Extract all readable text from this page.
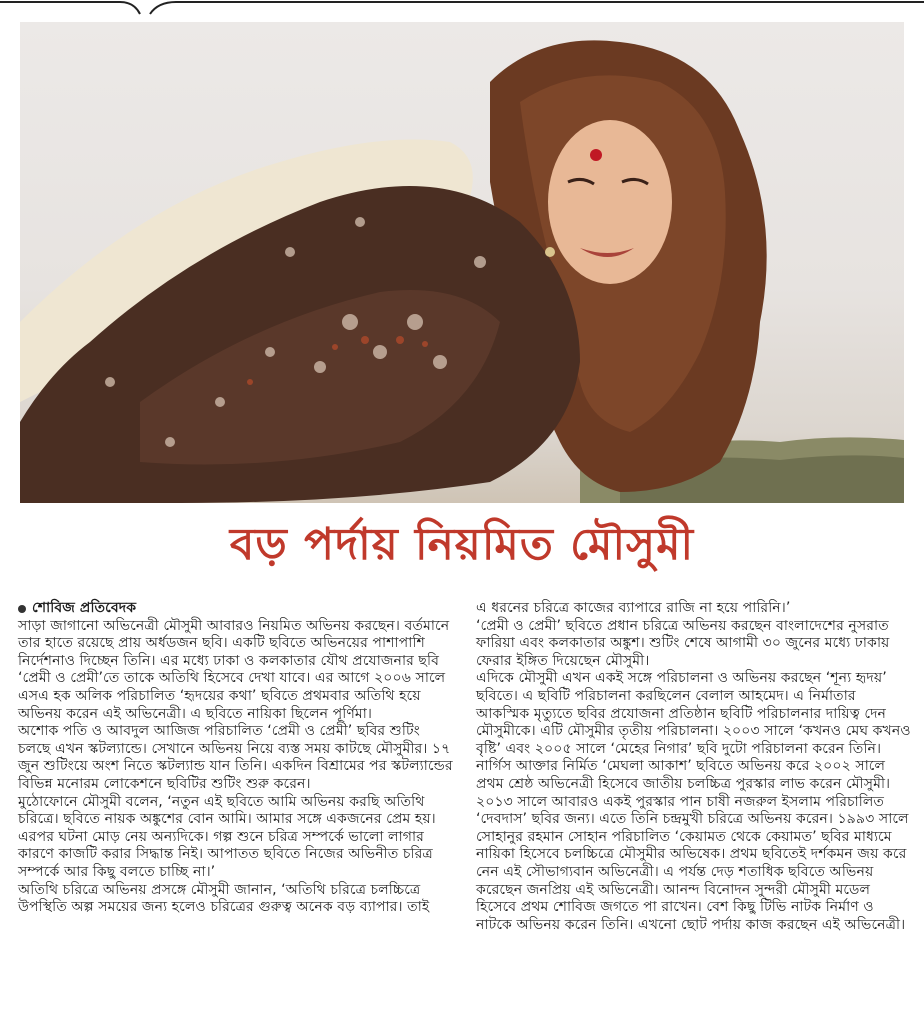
বড় পর্দায় নিয়মিত মৌসুমী

শোবিজ প্রতিবেদক

সাড়া জাগানো অভিনেত্রী মৌসুমী আবারও নিয়মিত অভিনয় করছেন। বর্তমানে তার হাতে রয়েছে প্রায় অর্ধডজন ছবি। একটি ছবিতে অভিনয়ের পাশাপাশি নির্দেশনাও দিচ্ছেন তিনি। এর মধ্যে ঢাকা ও কলকাতার যৌথ প্রযোজনার ছবি ‘প্রেমী ও প্রেমী’তে তাকে অতিথি হিসেবে দেখা যাবে। এর আগে ২০০৬ সালে এসএ হক অলিক পরিচালিত ‘হৃদয়ের কথা’ ছবিতে প্রথমবার অতিথি হয়ে অভিনয় করেন এই অভিনেত্রী। এ ছবিতে নায়িকা ছিলেন পূর্ণিমা।

অশোক পতি ও আবদুল আজিজ পরিচালিত ‘প্রেমী ও প্রেমী’ ছবির শুটিং চলছে এখন স্কটল্যান্ডে। সেখানে অভিনয় নিয়ে ব্যস্ত সময় কাটছে মৌসুমীর। ১৭ জুন শুটিংয়ে অংশ নিতে স্কটল্যান্ড যান তিনি। একদিন বিশ্রামের পর স্কটল্যান্ডের বিভিন্ন মনোরম লোকেশনে ছবিটির শুটিং শুরু করেন।

মুঠোফোনে মৌসুমী বলেন, ‘নতুন এই ছবিতে আমি অভিনয় করছি অতিথি চরিত্রে। ছবিতে নায়ক অঙ্কুশের বোন আমি। আমার সঙ্গে একজনের প্রেম হয়। এরপর ঘটনা মোড় নেয় অন্যদিকে। গল্প শুনে চরিত্র সম্পর্কে ভালো লাগার কারণে কাজটি করার সিদ্ধান্ত নিই। আপাতত ছবিতে নিজের অভিনীত চরিত্র সম্পর্কে আর কিছু বলতে চাচ্ছি না।’

অতিথি চরিত্রে অভিনয় প্রসঙ্গে মৌসুমী জানান, ‘অতিথি চরিত্রে চলচ্চিত্রে উপস্থিতি অল্প সময়ের জন্য হলেও চরিত্রের গুরুত্ব অনেক বড় ব্যাপার। তাই

এ ধরনের চরিত্রে কাজের ব্যাপারে রাজি না হয়ে পারিনি।’

‘প্রেমী ও প্রেমী’ ছবিতে প্রধান চরিত্রে অভিনয় করছেন বাংলাদেশের নুসরাত ফারিয়া এবং কলকাতার অঙ্কুশ। শুটিং শেষে আগামী ৩০ জুনের মধ্যে ঢাকায় ফেরার ইঙ্গিত দিয়েছেন মৌসুমী।

এদিকে মৌসুমী এখন একই সঙ্গে পরিচালনা ও অভিনয় করছেন ‘শূন্য হৃদয়’ ছবিতে। এ ছবিটি পরিচালনা করছিলেন বেলাল আহমেদ। এ নির্মাতার আকস্মিক মৃত্যুতে ছবির প্রযোজনা প্রতিষ্ঠান ছবিটি পরিচালনার দায়িত্ব দেন মৌসুমীকে। এটি মৌসুমীর তৃতীয় পরিচালনা। ২০০৩ সালে ‘কখনও মেঘ কখনও বৃষ্টি’ এবং ২০০৫ সালে ‘মেহের নিগার’ ছবি দুটো পরিচালনা করেন তিনি। নার্গিস আক্তার নির্মিত ‘মেঘলা আকাশ’ ছবিতে অভিনয় করে ২০০২ সালে প্রথম শ্রেষ্ঠ অভিনেত্রী হিসেবে জাতীয় চলচ্চিত্র পুরস্কার লাভ করেন মৌসুমী। ২০১৩ সালে আবারও একই পুরস্কার পান চাষী নজরুল ইসলাম পরিচালিত ‘দেবদাস’ ছবির জন্য। এতে তিনি চন্দ্রমুখী চরিত্রে অভিনয় করেন। ১৯৯৩ সালে সোহানুর রহমান সোহান পরিচালিত ‘কেয়ামত থেকে কেয়ামত’ ছবির মাধ্যমে নায়িকা হিসেবে চলচ্চিত্রে মৌসুমীর অভিষেক। প্রথম ছবিতেই দর্শকমন জয় করে নেন এই সৌভাগ্যবান অভিনেত্রী। এ পর্যন্ত দেড় শতাধিক ছবিতে অভিনয় করেছেন জনপ্রিয় এই অভিনেত্রী। আনন্দ বিনোদন সুন্দরী মৌসুমী মডেল হিসেবে প্রথম শোবিজ জগতে পা রাখেন। বেশ কিছু টিভি নাটক নির্মাণ ও নাটকে অভিনয় করেন তিনি। এখনো ছোট পর্দায় কাজ করছেন এই অভিনেত্রী।
